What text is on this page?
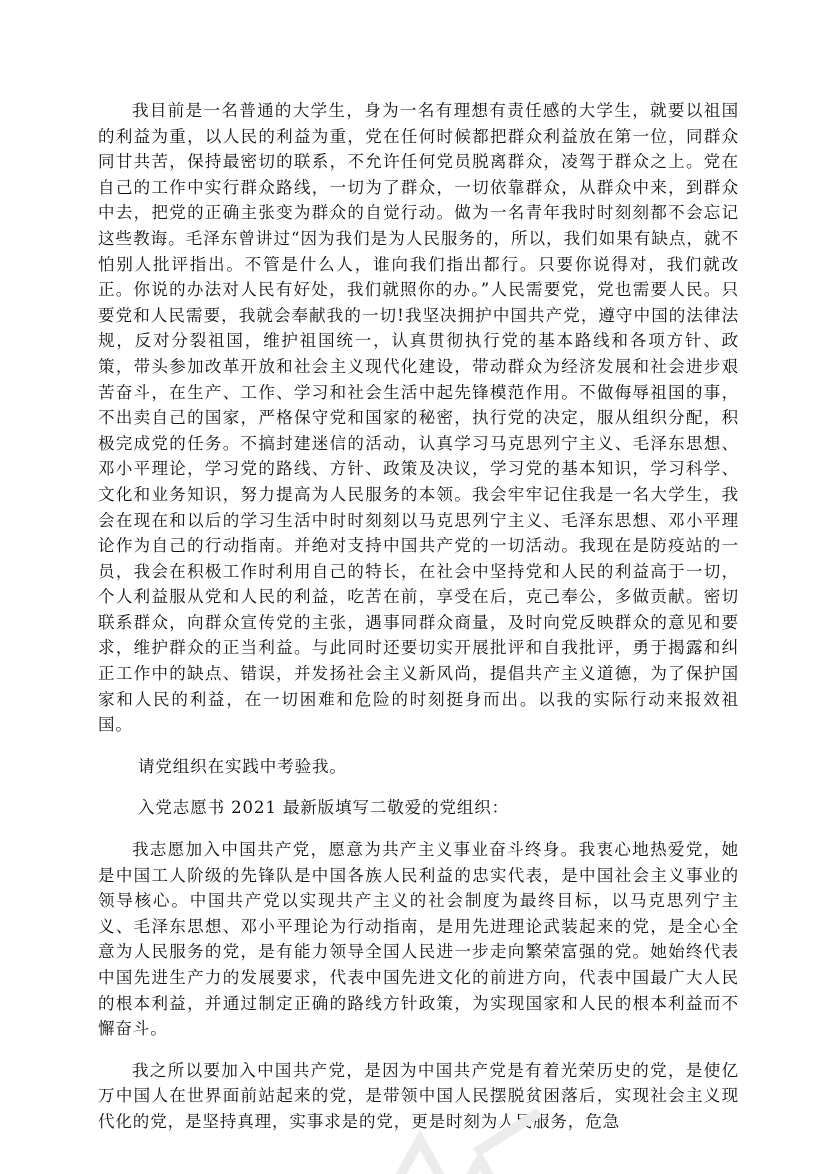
我目前是一名普通的大学生，身为一名有理想有责任感的大学生，就要以祖国的利益为重，以人民的利益为重，党在任何时候都把群众利益放在第一位，同群众同甘共苦，保持最密切的联系，不允许任何党员脱离群众，凌驾于群众之上。党在自己的工作中实行群众路线，一切为了群众，一切依靠群众，从群众中来，到群众中去，把党的正确主张变为群众的自觉行动。做为一名青年我时时刻刻都不会忘记这些教诲。毛泽东曾讲过“因为我们是为人民服务的，所以，我们如果有缺点，就不怕别人批评指出。不管是什么人，谁向我们指出都行。只要你说得对，我们就改正。你说的办法对人民有好处，我们就照你的办。”人民需要党，党也需要人民。只要党和人民需要，我就会奉献我的一切!我坚决拥护中国共产党，遵守中国的法律法规，反对分裂祖国，维护祖国统一，认真贯彻执行党的基本路线和各项方针、政策，带头参加改革开放和社会主义现代化建设，带动群众为经济发展和社会进步艰苦奋斗，在生产、工作、学习和社会生活中起先锋模范作用。不做侮辱祖国的事，不出卖自己的国家，严格保守党和国家的秘密，执行党的决定，服从组织分配，积极完成党的任务。不搞封建迷信的活动，认真学习马克思列宁主义、毛泽东思想、邓小平理论，学习党的路线、方针、政策及决议，学习党的基本知识，学习科学、文化和业务知识，努力提高为人民服务的本领。我会牢牢记住我是一名大学生，我会在现在和以后的学习生活中时时刻刻以马克思列宁主义、毛泽东思想、邓小平理论作为自己的行动指南。并绝对支持中国共产党的一切活动。我现在是防疫站的一员，我会在积极工作时利用自己的特长，在社会中坚持党和人民的利益高于一切，个人利益服从党和人民的利益，吃苦在前，享受在后，克己奉公，多做贡献。密切联系群众，向群众宣传党的主张，遇事同群众商量，及时向党反映群众的意见和要求，维护群众的正当利益。与此同时还要切实开展批评和自我批评，勇于揭露和纠正工作中的缺点、错误，并发扬社会主义新风尚，提倡共产主义道德，为了保护国家和人民的利益，在一切困难和危险的时刻挺身而出。以我的实际行动来报效祖国。

请党组织在实践中考验我。

入党志愿书 2021 最新版填写二敬爱的党组织：

我志愿加入中国共产党，愿意为共产主义事业奋斗终身。我衷心地热爱党，她是中国工人阶级的先锋队是中国各族人民利益的忠实代表，是中国社会主义事业的领导核心。中国共产党以实现共产主义的社会制度为最终目标，以马克思列宁主义、毛泽东思想、邓小平理论为行动指南，是用先进理论武装起来的党，是全心全意为人民服务的党，是有能力领导全国人民进一步走向繁荣富强的党。她始终代表中国先进生产力的发展要求，代表中国先进文化的前进方向，代表中国最广大人民的根本利益，并通过制定正确的路线方针政策，为实现国家和人民的根本利益而不懈奋斗。

我之所以要加入中国共产党，是因为中国共产党是有着光荣历史的党，是使亿万中国人在世界面前站起来的党，是带领中国人民摆脱贫困落后，实现社会主义现代化的党，是坚持真理，实事求是的党，更是时刻为人民服务，危急
